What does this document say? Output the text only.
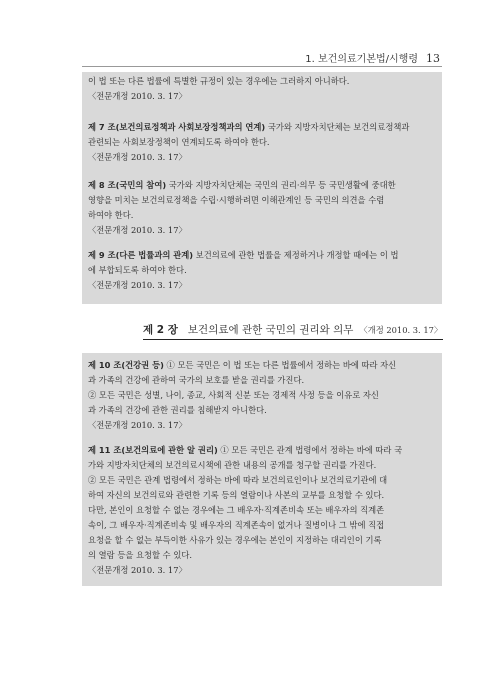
1. 보건의료기본법/시행령 13

이 법 또는 다른 법률에 특별한 규정이 있는 경우에는 그러하지 아니하다.

〈전문개정 2010. 3. 17〉

제 7 조(보건의료정책과 사회보장정책과의 연계) 국가와 지방자치단체는 보건의료정책과

관련되는 사회보장정책이 연계되도록 하여야 한다.

〈전문개정 2010. 3. 17〉

제 8 조(국민의 참여) 국가와 지방자치단체는 국민의 권리·의무 등 국민생활에 중대한

영향을 미치는 보건의료정책을 수립·시행하려면 이해관계인 등 국민의 의견을 수렴

하여야 한다.

〈전문개정 2010. 3. 17〉

제 9 조(다른 법률과의 관계) 보건의료에 관한 법률을 제정하거나 개정할 때에는 이 법

에 부합되도록 하여야 한다.

〈전문개정 2010. 3. 17〉

제 2 장 보건의료에 관한 국민의 권리와 의무 〈개정 2010. 3. 17〉

제 10 조(건강권 등) ① 모든 국민은 이 법 또는 다른 법률에서 정하는 바에 따라 자신

과 가족의 건강에 관하여 국가의 보호를 받을 권리를 가진다.

② 모든 국민은 성별, 나이, 종교, 사회적 신분 또는 경제적 사정 등을 이유로 자신

과 가족의 건강에 관한 권리를 침해받지 아니한다.

〈전문개정 2010. 3. 17〉

제 11 조(보건의료에 관한 알 권리) ① 모든 국민은 관계 법령에서 정하는 바에 따라 국

가와 지방자치단체의 보건의료시책에 관한 내용의 공개를 청구할 권리를 가진다.

② 모든 국민은 관계 법령에서 정하는 바에 따라 보건의료인이나 보건의료기관에 대

하여 자신의 보건의료와 관련한 기록 등의 열람이나 사본의 교부를 요청할 수 있다.

다만, 본인이 요청할 수 없는 경우에는 그 배우자·직계존비속 또는 배우자의 직계존

속이, 그 배우자·직계존비속 및 배우자의 직계존속이 없거나 질병이나 그 밖에 직접

요청을 할 수 없는 부득이한 사유가 있는 경우에는 본인이 지정하는 대리인이 기록

의 열람 등을 요청할 수 있다.

〈전문개정 2010. 3. 17〉
